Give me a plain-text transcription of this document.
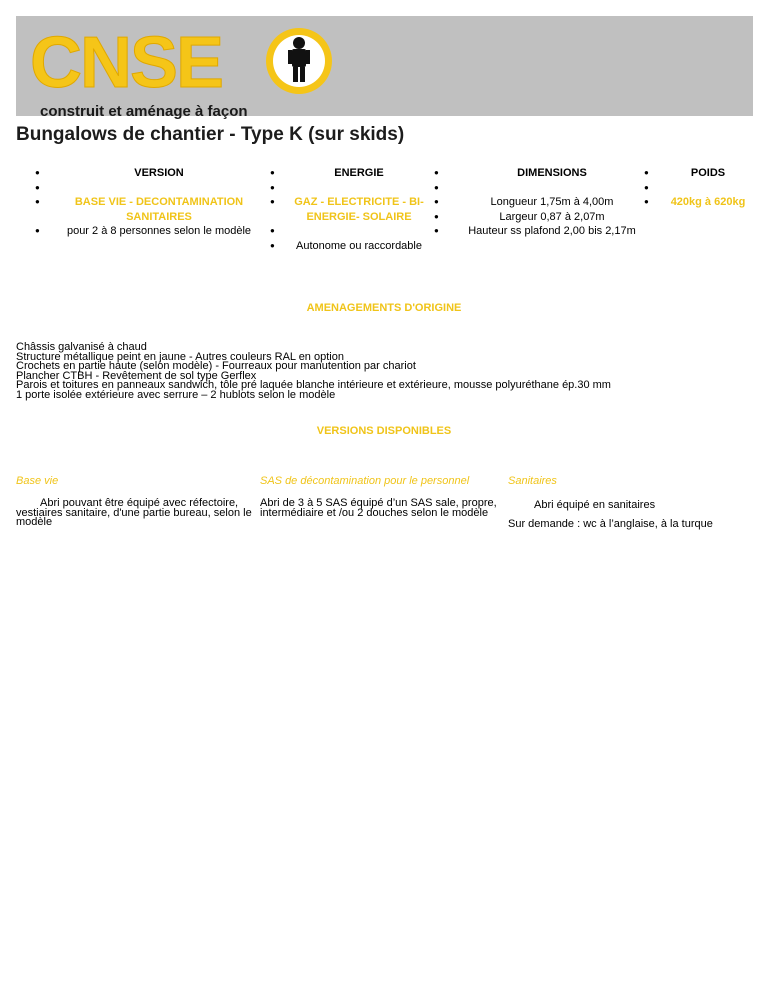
CNSE
construit et aménage à façon
Bungalows de chantier - Type K (sur skids)
● VERSION
●
● BASE VIE - DECONTAMINATION SANITAIRES
● pour 2 à 8 personnes selon le modèle
● ENERGIE
●
● GAZ - ELECTRICITE - BI-ENERGIE- SOLAIRE
●
● Autonome ou raccordable
● DIMENSIONS
●
● Longueur 1,75m à 4,00m
● Largeur 0,87 à 2,07m
● Hauteur ss plafond 2,00 bis 2,17m
● POIDS
●
● 420kg à 620kg
AMENAGEMENTS D'ORIGINE
Châssis galvanisé à chaud
Structure métallique peint en jaune - Autres couleurs RAL en option
Crochets en partie haute (selon modèle) - Fourreaux pour manutention par chariot
Plancher CTBH - Revêtement de sol type Gerflex
Parois et toitures en panneaux sandwich, tôle pré laquée blanche intérieure et extérieure, mousse polyuréthane ép.30 mm
1 porte isolée extérieure avec serrure – 2 hublots selon le modèle
VERSIONS DISPONIBLES
Base vie
Abri pouvant être équipé avec réfectoire, vestiaires sanitaire, d'une partie bureau, selon le modèle
SAS de décontamination pour le personnel
Abri de 3 à 5 SAS équipé d’un SAS sale, propre, intermédiaire et /ou 2 douches selon le modèle
Sanitaires
Abri équipé en sanitaires
Sur demande : wc à l’anglaise, à la turque
